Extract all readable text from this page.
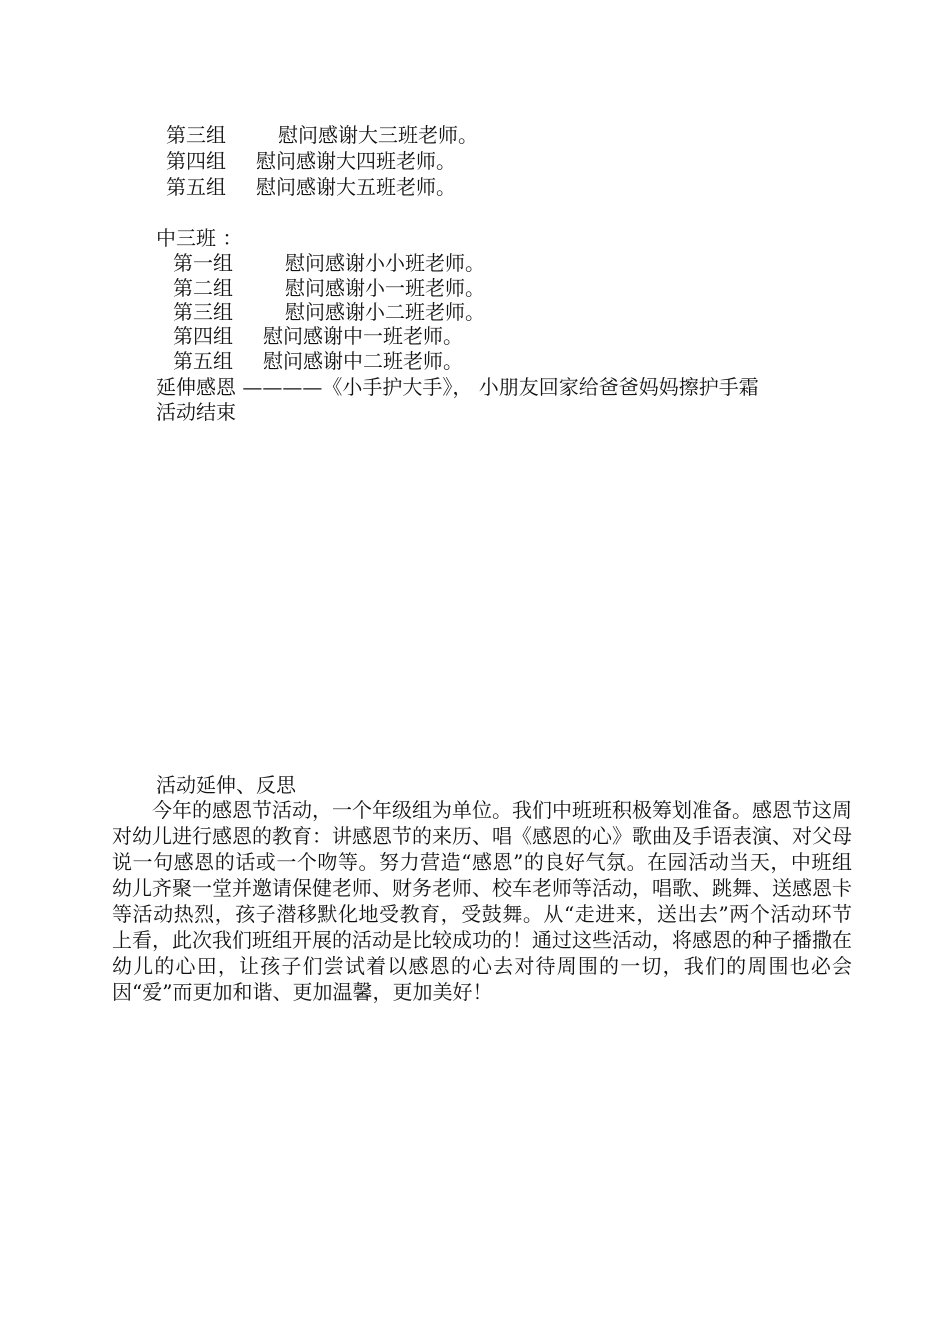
第三组	慰问感谢大三班老师。
第四组 慰问感谢大四班老师。
第五组 慰问感谢大五班老师。
中三班 ：
第一组	慰问感谢小小班老师。
第二组	慰问感谢小一班老师。
第三组	慰问感谢小二班老师。
第四组 慰问感谢中一班老师。
第五组 慰问感谢中二班老师。
延伸感恩 ————《小手护大手》， 小朋友回家给爸爸妈妈擦护手霜
活动结束
活动延伸、反思
今年的感恩节活动，一个年级组为单位。我们中班班积极筹划准备。感恩节这周对幼儿进行感恩的教育：讲感恩节的来历、唱《感恩的心》歌曲及手语表演、对父母说一句感恩的话或一个吻等。努力营造“感恩”的良好气氛。在园活动当天，中班组幼儿齐聚一堂并邀请保健老师、财务老师、校车老师等活动，唱歌、跳舞、送感恩卡等活动热烈，孩子潜移默化地受教育，受鼓舞。从“走进来，送出去”两个活动环节上看，此次我们班组开展的活动是比较成功的！通过这些活动，将感恩的种子播撒在幼儿的心田，让孩子们尝试着以感恩的心去对待周围的一切，我们的周围也必会因“爱”而更加和谐、更加温馨，更加美好！
